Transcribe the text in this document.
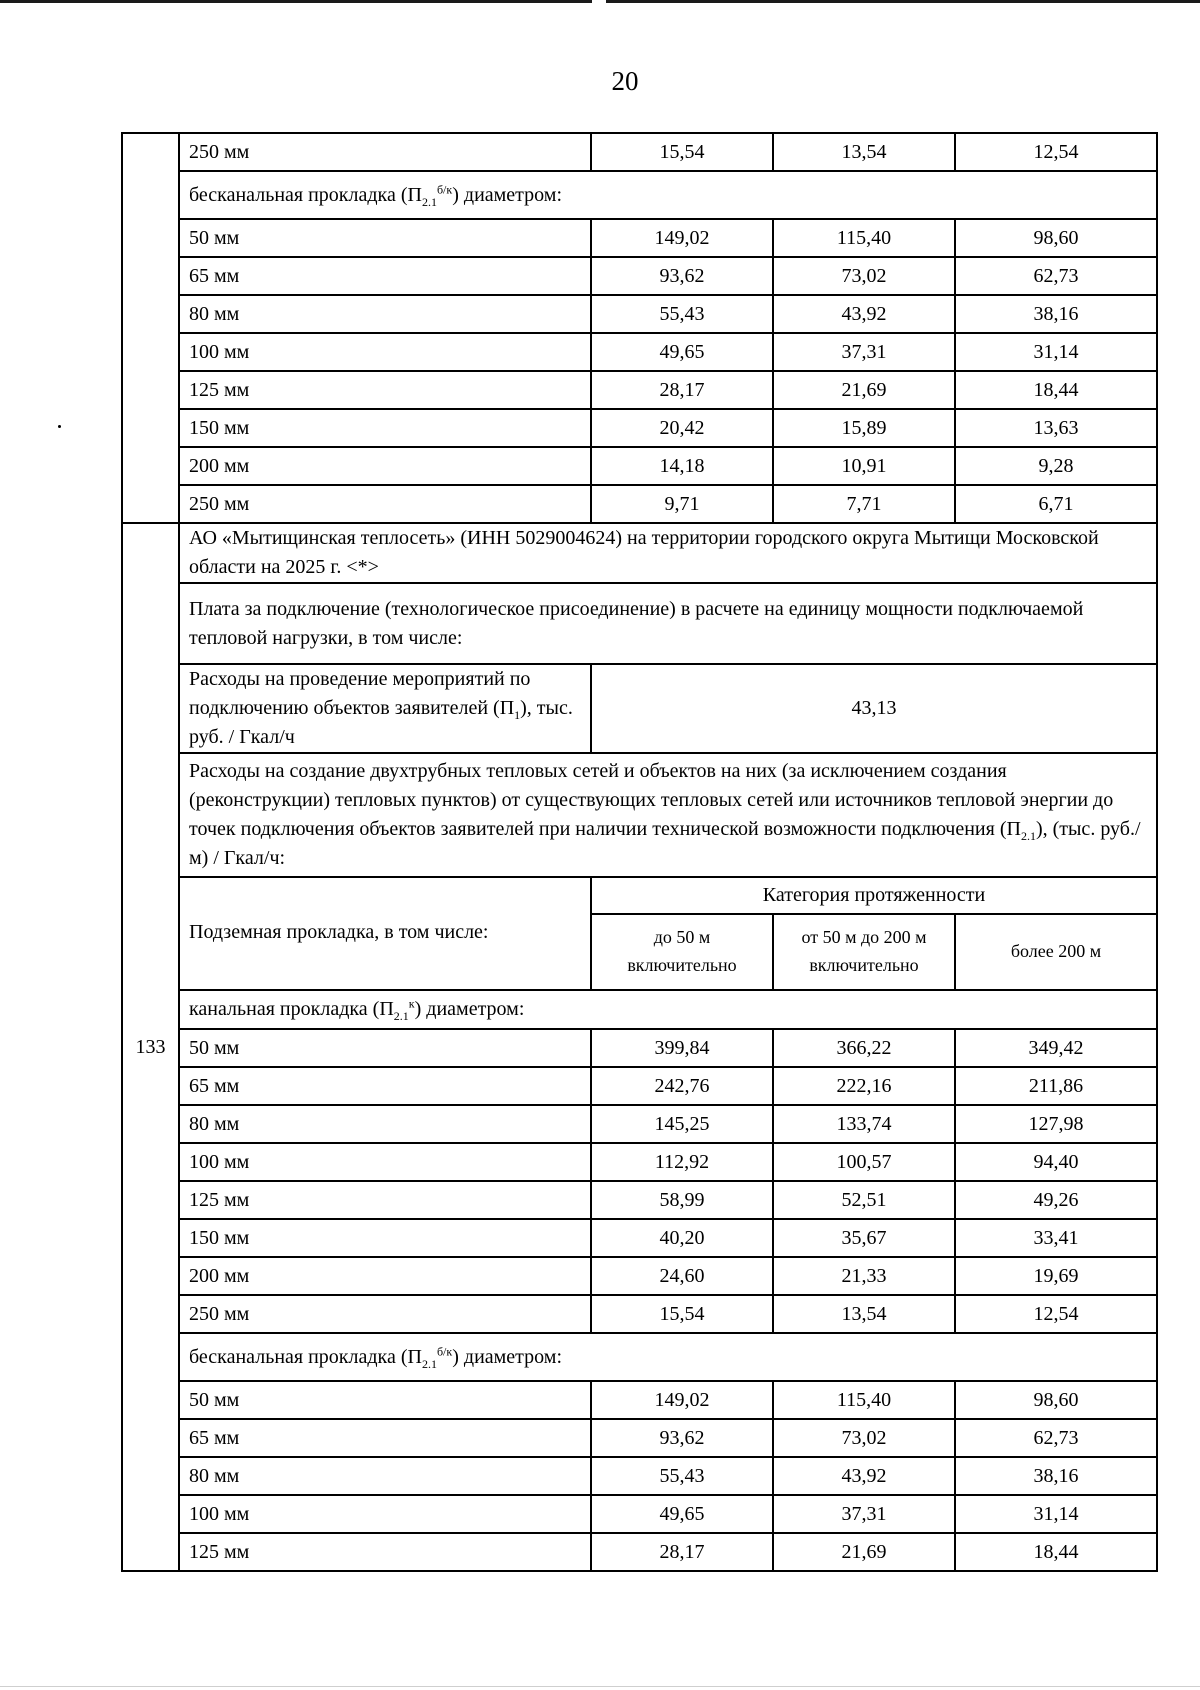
20
	250 мм	15,54	13,54	12,54
	бесканальная прокладка $(П_{2.1}^{б/к})$ диаметром:			
	50 мм	149,02	115,40	98,60
	65 мм	93,62	73,02	62,73
	80 мм	55,43	43,92	38,16
	100 мм	49,65	37,31	31,14
	125 мм	28,17	21,69	18,44
	150 мм	20,42	15,89	13,63
	200 мм	14,18	10,91	9,28
	250 мм	9,71	7,71	6,71
133	АО «Мытищинская теплосеть» (ИНН 5029004624) на территории городского округа Мытищи Московской области на 2025 г. <*>			
	Плата за подключение (технологическое присоединение) в расчете на единицу мощности подключаемой тепловой нагрузки, в том числе:			
	Расходы на проведение мероприятий по подключению объектов заявителей $(П_1)$, тыс. руб. / Гкал/ч	43,13		
	Расходы на создание двухтрубных тепловых сетей и объектов на них (за исключением создания (реконструкции) тепловых пунктов) от существующих тепловых сетей или источников тепловой энергии до точек подключения объектов заявителей при наличии технической возможности подключения $(П_{2.1})$, (тыс. руб./м) / Гкал/ч:			
	Подземная прокладка, в том числе:	Категория протяженности		
		до 50 м включительно	от 50 м до 200 м включительно	более 200 м
	канальная прокладка $(П_{2.1}^к)$ диаметром:			
	50 мм	399,84	366,22	349,42
	65 мм	242,76	222,16	211,86
	80 мм	145,25	133,74	127,98
	100 мм	112,92	100,57	94,40
	125 мм	58,99	52,51	49,26
	150 мм	40,20	35,67	33,41
	200 мм	24,60	21,33	19,69
	250 мм	15,54	13,54	12,54
	бесканальная прокладка $(П_{2.1}^{б/к})$ диаметром:			
	50 мм	149,02	115,40	98,60
	65 мм	93,62	73,02	62,73
	80 мм	55,43	43,92	38,16
	100 мм	49,65	37,31	31,14
	125 мм	28,17	21,69	18,44
